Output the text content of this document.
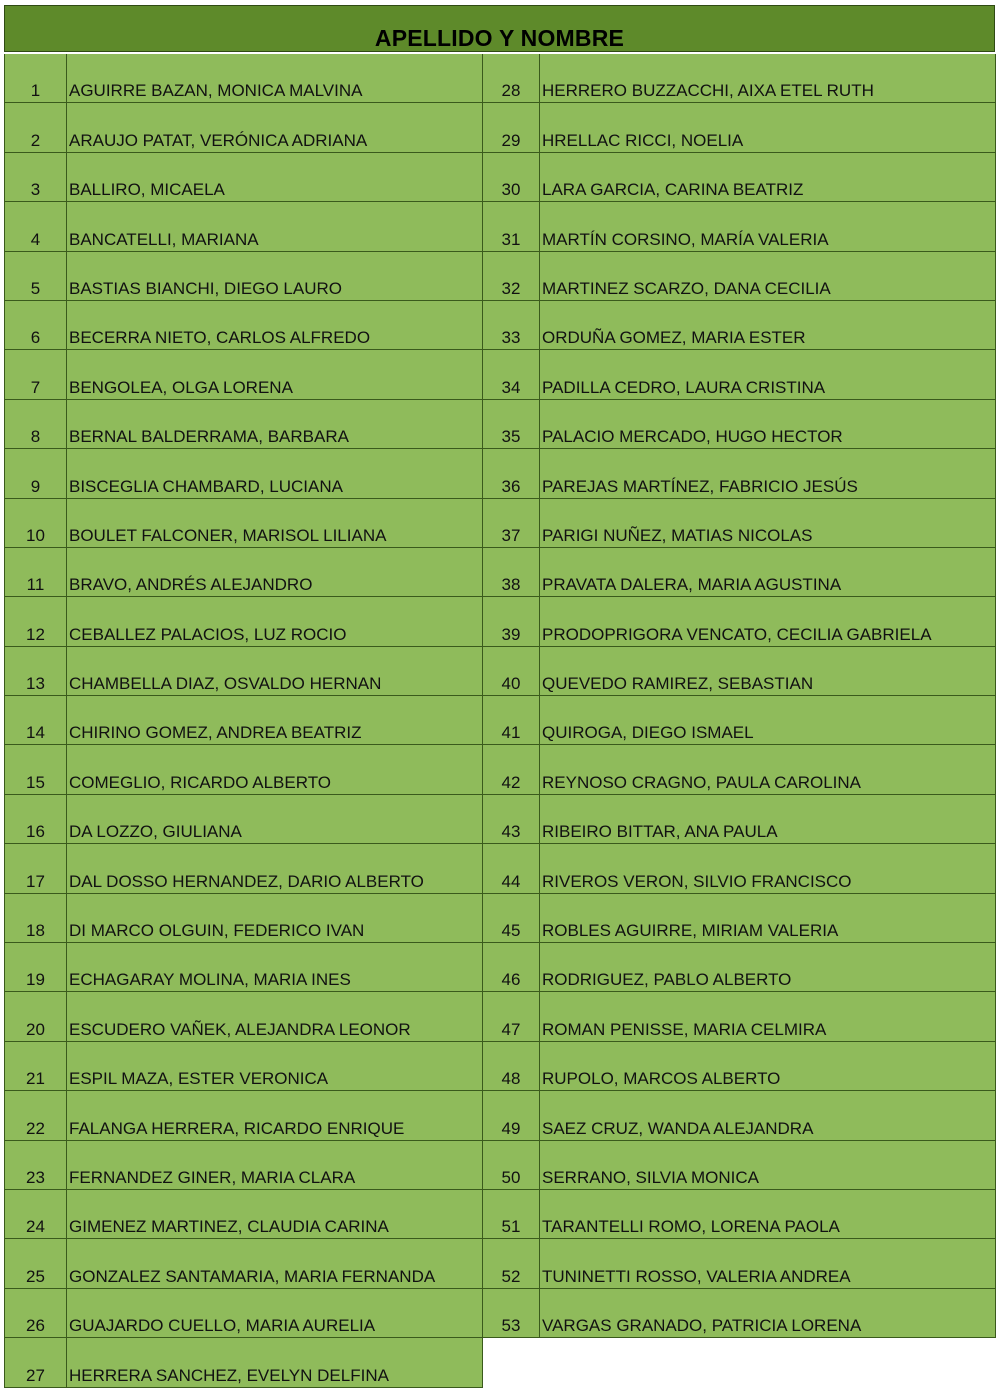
APELLIDO Y NOMBRE
1	AGUIRRE BAZAN, MONICA MALVINA
2	ARAUJO PATAT, VERÓNICA ADRIANA
3	BALLIRO, MICAELA
4	BANCATELLI, MARIANA
5	BASTIAS BIANCHI, DIEGO LAURO
6	BECERRA NIETO, CARLOS ALFREDO
7	BENGOLEA, OLGA LORENA
8	BERNAL BALDERRAMA, BARBARA
9	BISCEGLIA CHAMBARD, LUCIANA
10	BOULET FALCONER, MARISOL LILIANA
11	BRAVO, ANDRÉS ALEJANDRO
12	CEBALLEZ PALACIOS, LUZ ROCIO
13	CHAMBELLA DIAZ, OSVALDO HERNAN
14	CHIRINO GOMEZ, ANDREA BEATRIZ
15	COMEGLIO, RICARDO ALBERTO
16	DA LOZZO, GIULIANA
17	DAL DOSSO HERNANDEZ, DARIO ALBERTO
18	DI MARCO OLGUIN, FEDERICO IVAN
19	ECHAGARAY MOLINA, MARIA INES
20	ESCUDERO VAÑEK, ALEJANDRA LEONOR
21	ESPIL MAZA, ESTER VERONICA
22	FALANGA HERRERA, RICARDO ENRIQUE
23	FERNANDEZ GINER, MARIA CLARA
24	GIMENEZ MARTINEZ, CLAUDIA CARINA
25	GONZALEZ SANTAMARIA, MARIA FERNANDA
26	GUAJARDO CUELLO, MARIA AURELIA
27	HERRERA SANCHEZ, EVELYN DELFINA
28	HERRERO BUZZACCHI, AIXA ETEL RUTH
29	HRELLAC RICCI, NOELIA
30	LARA GARCIA, CARINA BEATRIZ
31	MARTÍN CORSINO, MARÍA VALERIA
32	MARTINEZ SCARZO, DANA CECILIA
33	ORDUÑA GOMEZ, MARIA ESTER
34	PADILLA CEDRO, LAURA CRISTINA
35	PALACIO MERCADO, HUGO HECTOR
36	PAREJAS MARTÍNEZ, FABRICIO JESÚS
37	PARIGI NUÑEZ, MATIAS NICOLAS
38	PRAVATA DALERA, MARIA AGUSTINA
39	PRODOPRIGORA VENCATO, CECILIA GABRIELA
40	QUEVEDO RAMIREZ, SEBASTIAN
41	QUIROGA, DIEGO ISMAEL
42	REYNOSO CRAGNO, PAULA CAROLINA
43	RIBEIRO BITTAR, ANA PAULA
44	RIVEROS VERON, SILVIO FRANCISCO
45	ROBLES AGUIRRE, MIRIAM VALERIA
46	RODRIGUEZ, PABLO ALBERTO
47	ROMAN PENISSE, MARIA CELMIRA
48	RUPOLO, MARCOS ALBERTO
49	SAEZ CRUZ, WANDA ALEJANDRA
50	SERRANO, SILVIA MONICA
51	TARANTELLI ROMO, LORENA PAOLA
52	TUNINETTI ROSSO, VALERIA ANDREA
53	VARGAS GRANADO, PATRICIA LORENA
